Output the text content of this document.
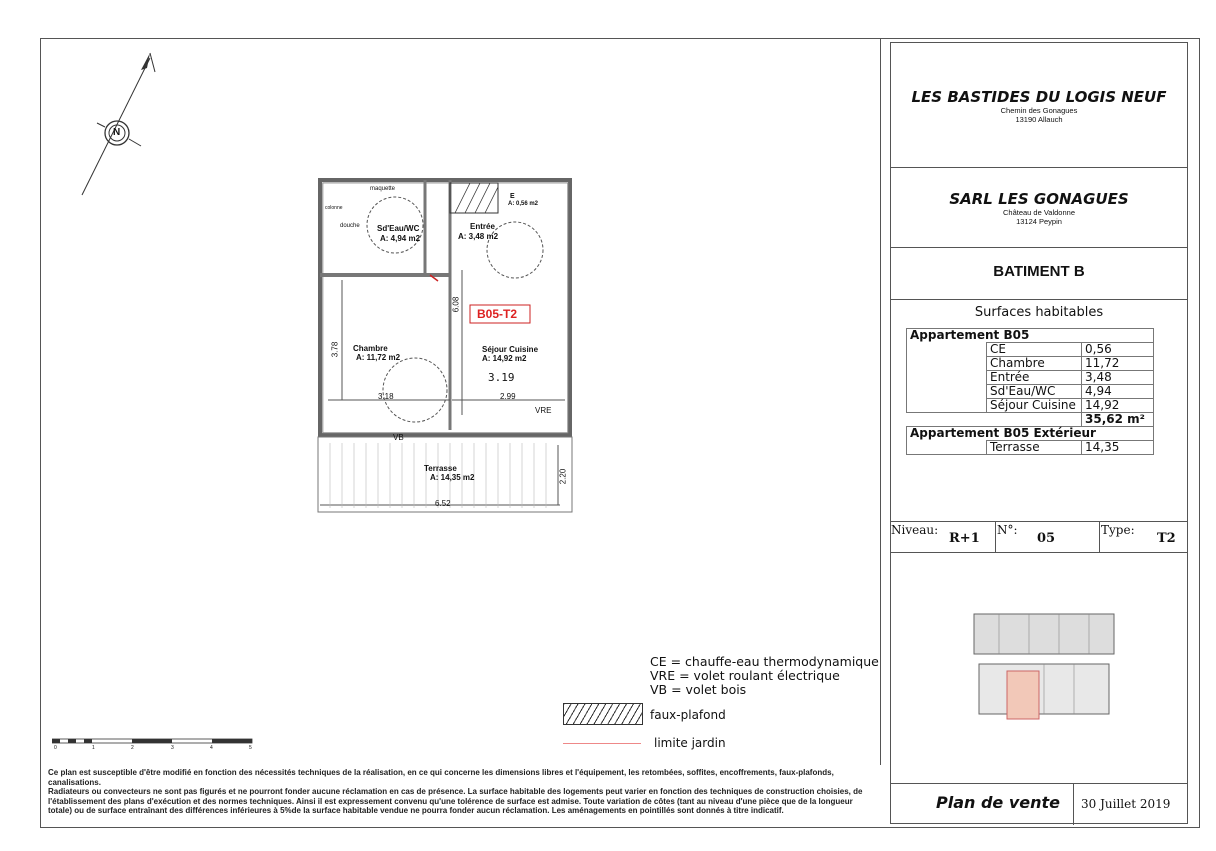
N
B05-T2
maquette
douche
colonne
Sd'Eau/WC
A: 4,94 m2
Entrée
A: 3,48 m2
Chambre
A: 11,72 m2
Séjour Cuisine
A: 14,92 m2
3.19
Terrasse
A: 14,35 m2
E
A: 0,56 m2
VRE
VB
3.78
6.08
3.18	2.99
2.20
6.52
0	1	2	3	4	5
CE = chauffe-eau thermodynamique
VRE = volet roulant électrique
VB = volet bois
faux-plafond
limite jardin
Ce plan est susceptible d'être modifié en fonction des nécessités techniques de la réalisation, en ce qui concerne les dimensions libres et l'équipement, les retombées, soffites, encoffrements, faux-plafonds, canalisations.
Radiateurs ou convecteurs ne sont pas figurés et ne pourront fonder aucune réclamation en cas de présence. La surface habitable des logements peut varier en fonction des techniques de construction choisies, de l'établissement des plans d'exécution et des normes techniques. Ainsi il est expressement convenu qu'une tolérence de surface est admise. Toute variation de côtes (tant au niveau d'une pièce que de la longueur totale) ou de surface entraînant des différences inférieures à 5%de la surface habitable vendue ne pourra fonder aucun réclamation. Les aménagements en pointillés sont donnés à titre indicatif.
LES BASTIDES DU LOGIS NEUF
Chemin des Gonagues
13190 Allauch
SARL LES GONAGUES
Château de Valdonne
13124 Peypin
BATIMENT B
Surfaces habitables
Niveau:
R+1
N°:
05
Type:
T2
Plan de vente 30 Juillet 2019
Appartement B05		
	CE	0,56
	Chambre	11,72
	Entrée	3,48
	Sd'Eau/WC	4,94
	Séjour Cuisine	14,92
		35,62 m²
Appartement B05 Extérieur		
	Terrasse	14,35
